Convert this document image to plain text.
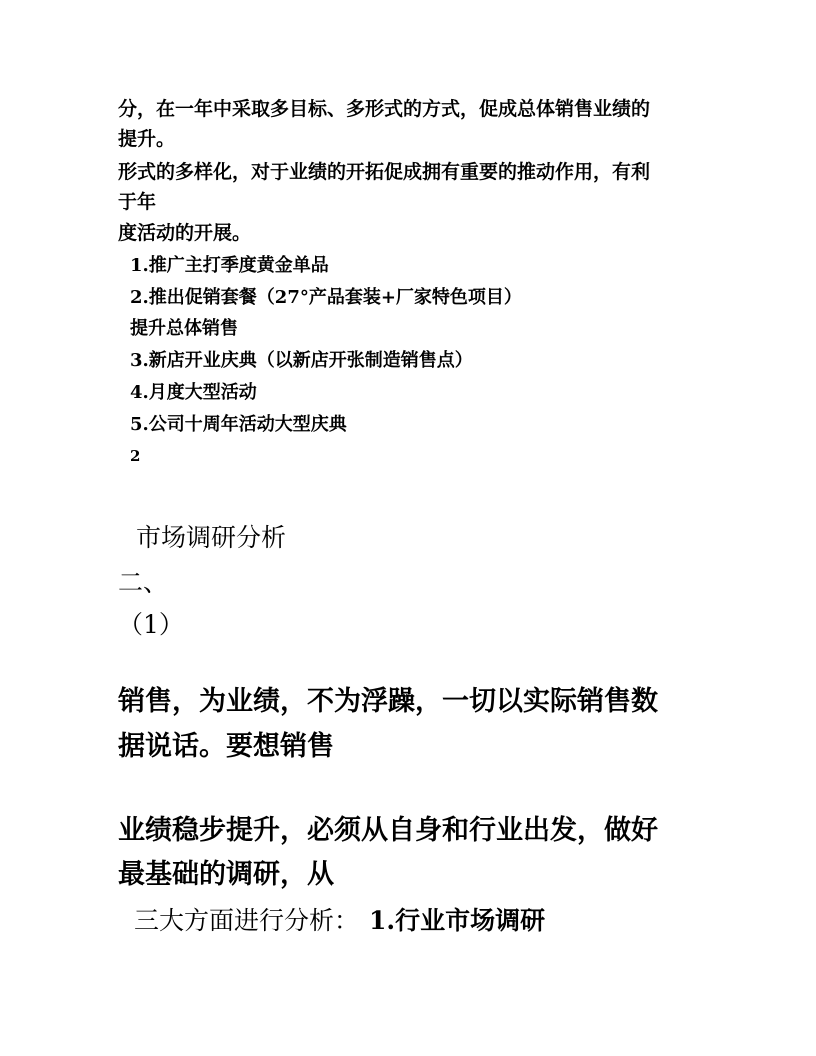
分，在一年中采取多目标、多形式的方式，促成总体销售业绩的
提升。
形式的多样化，对于业绩的开拓促成拥有重要的推动作用，有利
于年
度活动的开展。
1.推广主打季度黄金单品
2.推出促销套餐（27°产品套装+厂家特色项目）
提升总体销售
3.新店开业庆典（以新店开张制造销售点）
4.月度大型活动
5.公司十周年活动大型庆典
2
市场调研分析
二、
（1）
销售，为业绩，不为浮躁，一切以实际销售数
据说话。要想销售
业绩稳步提升，必须从自身和行业出发，做好
最基础的调研，从
三大方面进行分析： 1.行业市场调研
